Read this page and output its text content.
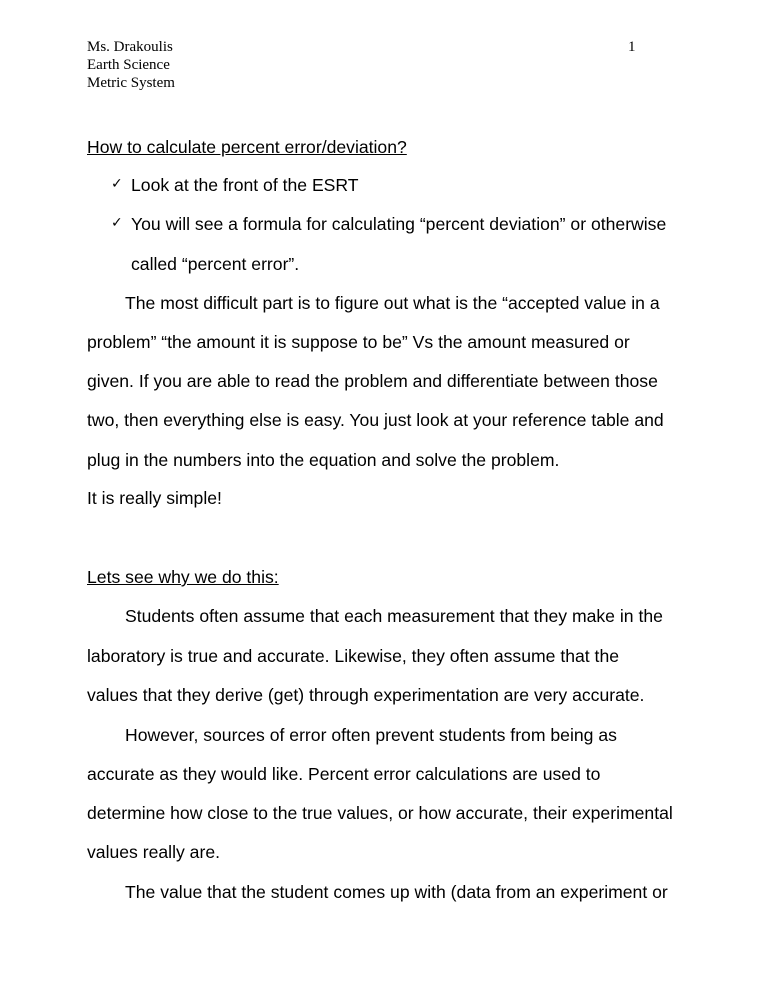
Ms. Drakoulis
Earth Science
Metric System
1
How to calculate percent error/deviation?
✓ Look at the front of the ESRT
✓ You will see a formula for calculating “percent deviation” or otherwise
called “percent error”.
The most difficult part is to figure out what is the “accepted value in a
problem” “the amount it is suppose to be” Vs the amount measured or
given. If you are able to read the problem and differentiate between those
two, then everything else is easy. You just look at your reference table and
plug in the numbers into the equation and solve the problem.
It is really simple!
Lets see why we do this:
Students often assume that each measurement that they make in the
laboratory is true and accurate. Likewise, they often assume that the
values that they derive (get) through experimentation are very accurate.
However, sources of error often prevent students from being as
accurate as they would like. Percent error calculations are used to
determine how close to the true values, or how accurate, their experimental
values really are.
The value that the student comes up with (data from an experiment or
